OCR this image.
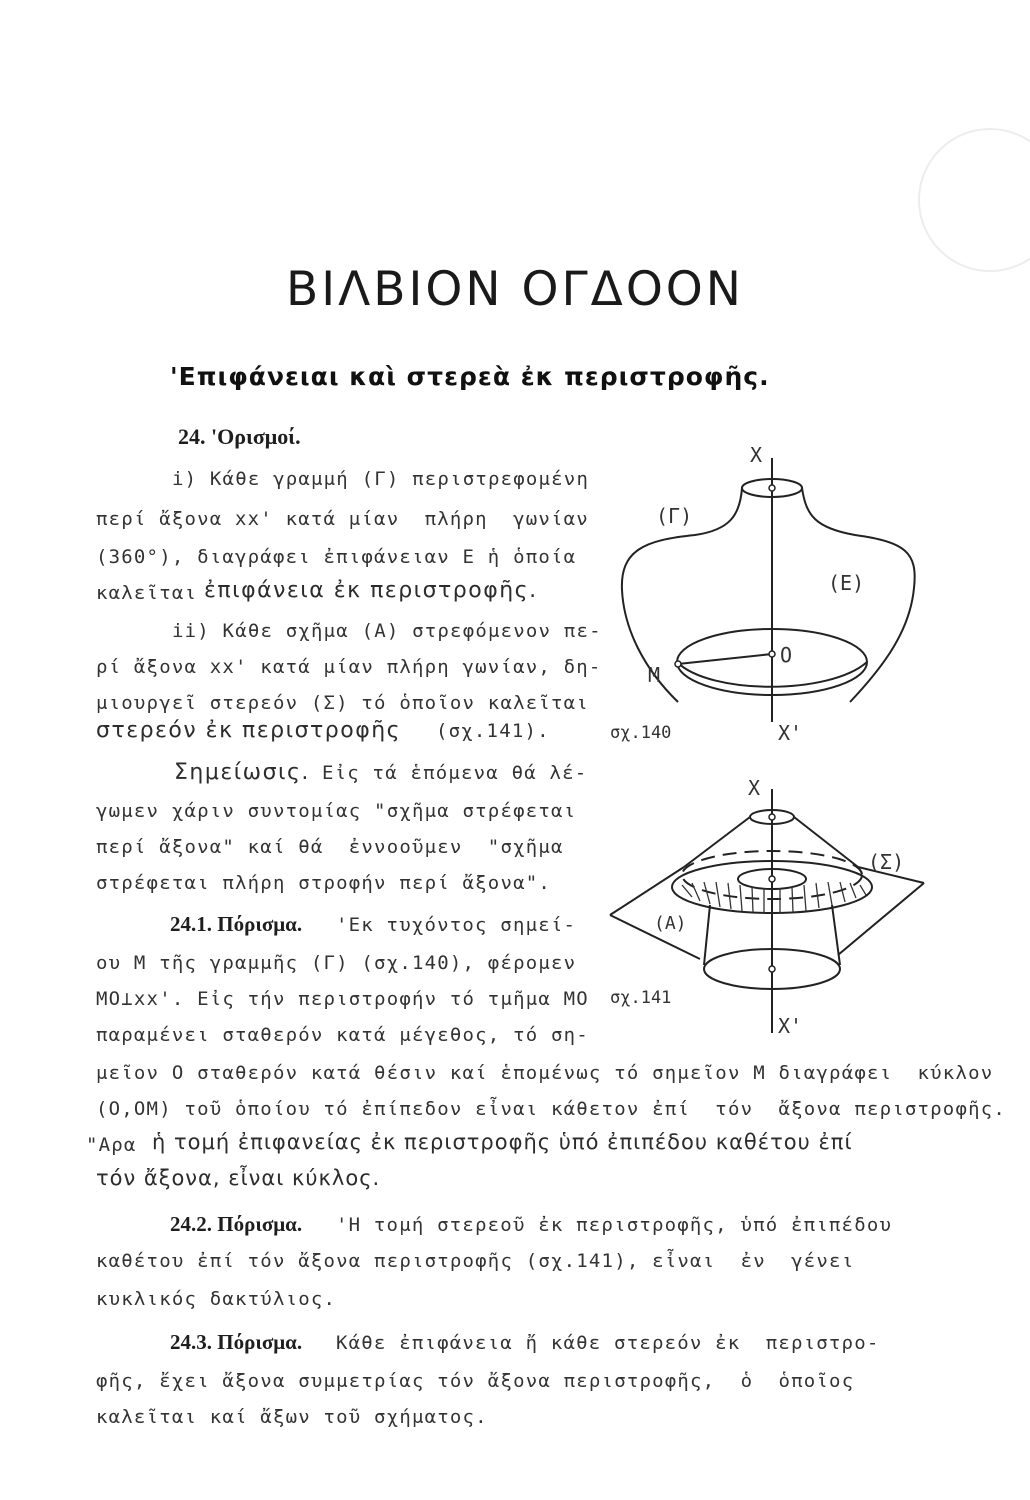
ΒΙΛΒΙΟΝ ΟΓΔΟΟΝ
'Επιφάνειαι καὶ στερεὰ ἐκ περιστροφῆς.
24. 'Ορισμοί.
i) Κάθε γραμμή (Γ) περιστρεφομένη
περί ἄξονα xx' κατά μίαν  πλήρη  γωνίαν
(360°), διαγράφει ἐπιφάνειαν Ε ἡ ὁποία
καλεῖται ἐπιφάνεια ἐκ περιστροφῆς.
ii) Κάθε σχῆμα (Α) στρεφόμενον πε-
ρί ἄξονα xx' κατά μίαν πλήρη γωνίαν, δη-
μιουργεῖ στερεόν (Σ) τό ὁποῖον καλεῖται
στερεόν ἐκ περιστροφῆς (σχ.141).
Σημείωσις. Εἰς τά ἑπόμενα θά λέ-
γωμεν χάριν συντομίας "σχῆμα στρέφεται
περί ἄξονα" καί θά  ἐννοοῦμεν  "σχῆμα
στρέφεται πλήρη στροφήν περί ἄξονα".
24.1. Πόρισμα. 'Εκ τυχόντος σημεί-
ου Μ τῆς γραμμῆς (Γ) (σχ.140), φέρομεν
ΜΟ⊥xx'. Εἰς τήν περιστροφήν τό τμῆμα ΜΟ
παραμένει σταθερόν κατά μέγεθος, τό ση-
μεῖον Ο σταθερόν κατά θέσιν καί ἑπομένως τό σημεῖον Μ διαγράφει  κύκλον
(Ο,ΟΜ) τοῦ ὁποίου τό ἐπίπεδον εἶναι κάθετον ἐπί  τόν  ἄξονα περιστροφῆς.
"Αρα ἡ τομή ἐπιφανείας ἐκ περιστροφῆς ὑπό ἐπιπέδου καθέτου ἐπί
τόν ἄξονα, εἶναι κύκλος.
24.2. Πόρισμα. 'Η τομή στερεοῦ ἐκ περιστροφῆς, ὑπό ἐπιπέδου
καθέτου ἐπί τόν ἄξονα περιστροφῆς (σχ.141), εἶναι  ἐν  γένει
κυκλικός δακτύλιος.
24.3. Πόρισμα. Κάθε ἐπιφάνεια ἤ κάθε στερεόν ἐκ  περιστρο-
φῆς, ἔχει ἄξονα συμμετρίας τόν ἄξονα περιστροφῆς,  ὁ  ὁποῖος
καλεῖται καί ἄξων τοῦ σχήματος.
X
(Γ)
(Ε)
Ο
Μ
X'
σχ.140
X
(Σ)
(Α)
X'
σχ.141
